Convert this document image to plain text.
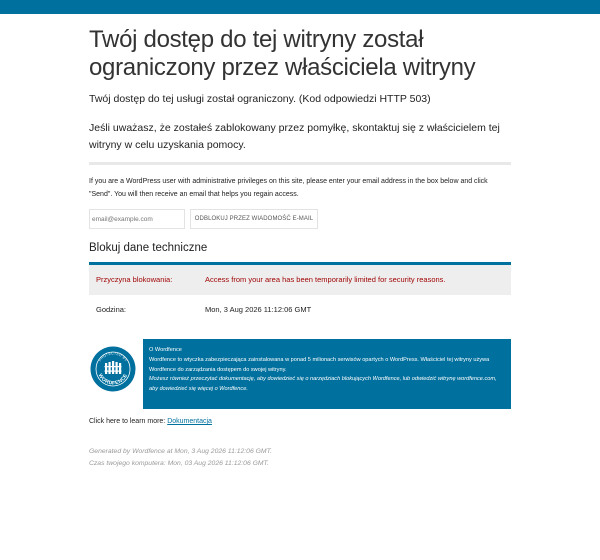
Twój dostęp do tej witryny został ograniczony przez właściciela witryny
Twój dostęp do tej usługi został ograniczony. (Kod odpowiedzi HTTP 503)
Jeśli uważasz, że zostałeś zablokowany przez pomyłkę, skontaktuj się z właścicielem tej witryny w celu uzyskania pomocy.
If you are a WordPress user with administrative privileges on this site, please enter your email address in the box below and click "Send". You will then receive an email that helps you regain access.
email@example.com
ODBLOKUJ PRZEZ WIADOMOŚĆ E-MAIL
Blokuj dane techniczne
Przyczyna blokowania:	Access from your area has been temporarily limited for security reasons.
Godzina:	Mon, 3 Aug 2026 11:12:06 GMT
PROTECTED BY
WORDFENCE
O Wordfence
Wordfence to wtyczka zabezpieczająca zainstalowana w ponad 5 milionach serwisów opartych o WordPress. Właściciel tej witryny używa Wordfence do zarządzania dostępem do swojej witryny.
Możesz również przeczytać dokumentację, aby dowiedzieć się o narzędziach blokujących Wordfence, lub odwiedzić witrynę wordfence.com, aby dowiedzieć się więcej o Wordfence.
Click here to learn more: Dokumentacja
Generated by Wordfence at Mon, 3 Aug 2026 11:12:06 GMT.
Czas twojego komputera: Mon, 03 Aug 2026 11:12:06 GMT.
